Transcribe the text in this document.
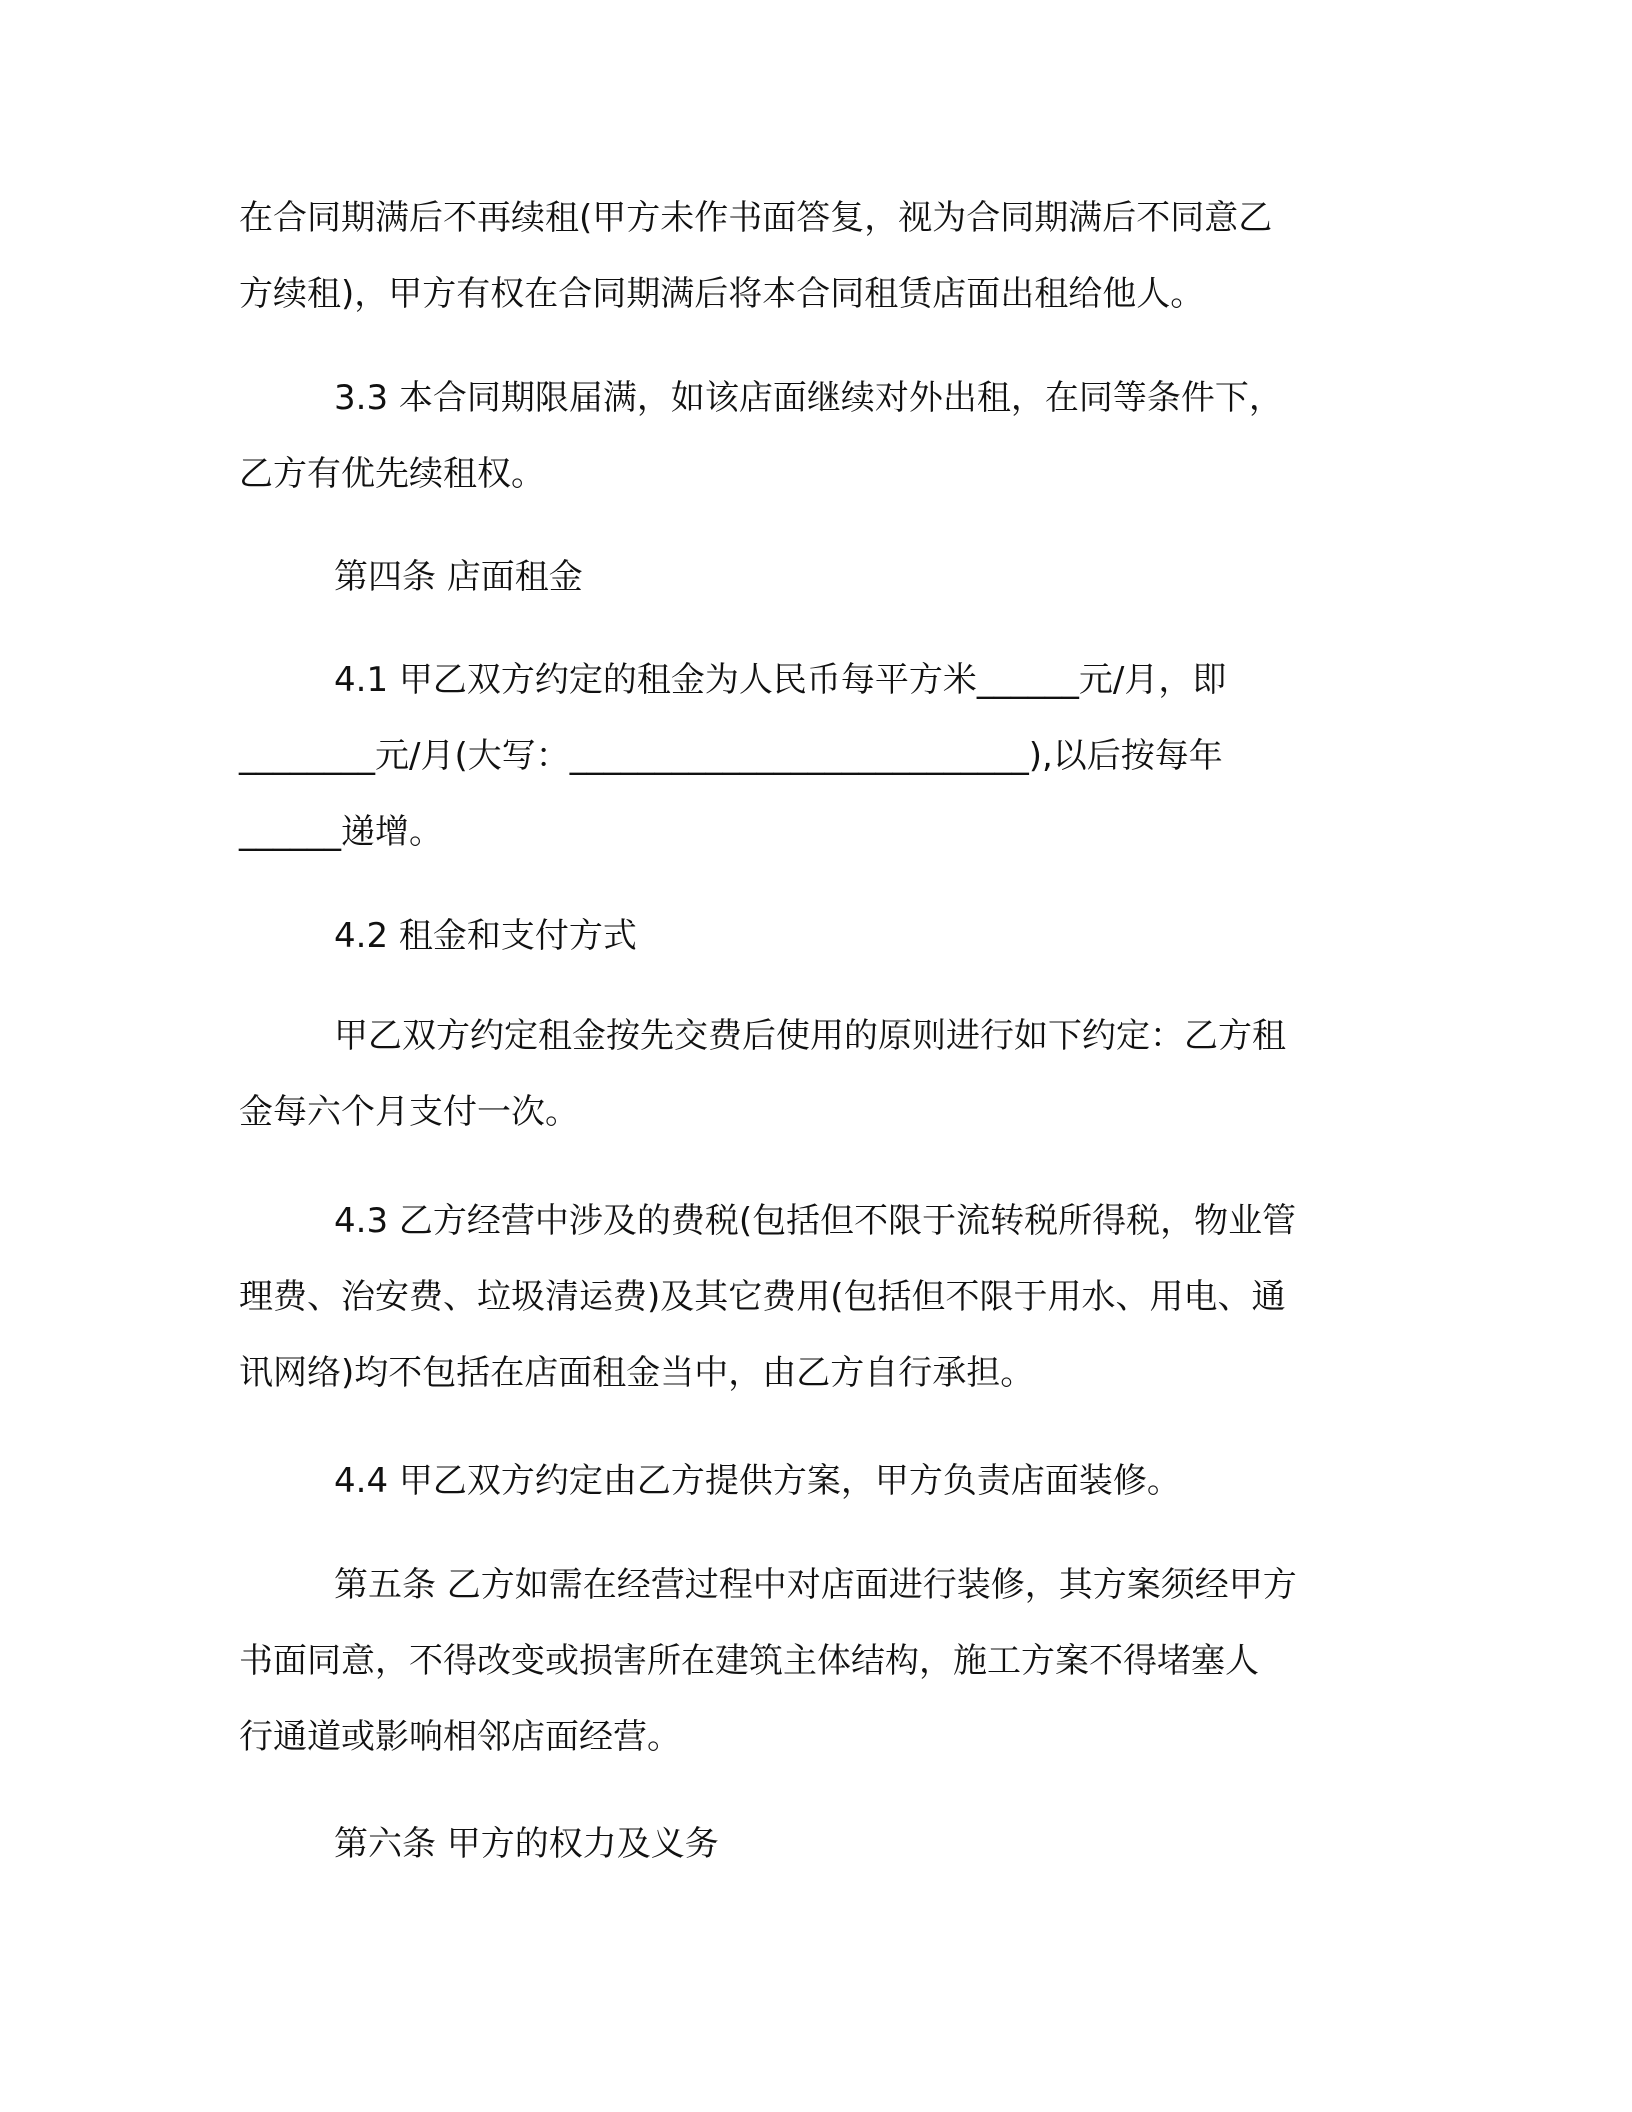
在合同期满后不再续租(甲方未作书面答复，视为合同期满后不同意乙
方续租)，甲方有权在合同期满后将本合同租赁店面出租给他人。
3.3 本合同期限届满，如该店面继续对外出租，在同等条件下，
乙方有优先续租权。
第四条 店面租金
4.1 甲乙双方约定的租金为人民币每平方米______元/月，即
________元/月(大写：___________________________),以后按每年
______递增。
4.2 租金和支付方式
甲乙双方约定租金按先交费后使用的原则进行如下约定：乙方租
金每六个月支付一次。
4.3 乙方经营中涉及的费税(包括但不限于流转税所得税，物业管
理费、治安费、垃圾清运费)及其它费用(包括但不限于用水、用电、通
讯网络)均不包括在店面租金当中，由乙方自行承担。
4.4 甲乙双方约定由乙方提供方案，甲方负责店面装修。
第五条 乙方如需在经营过程中对店面进行装修，其方案须经甲方
书面同意，不得改变或损害所在建筑主体结构，施工方案不得堵塞人
行通道或影响相邻店面经营。
第六条 甲方的权力及义务
